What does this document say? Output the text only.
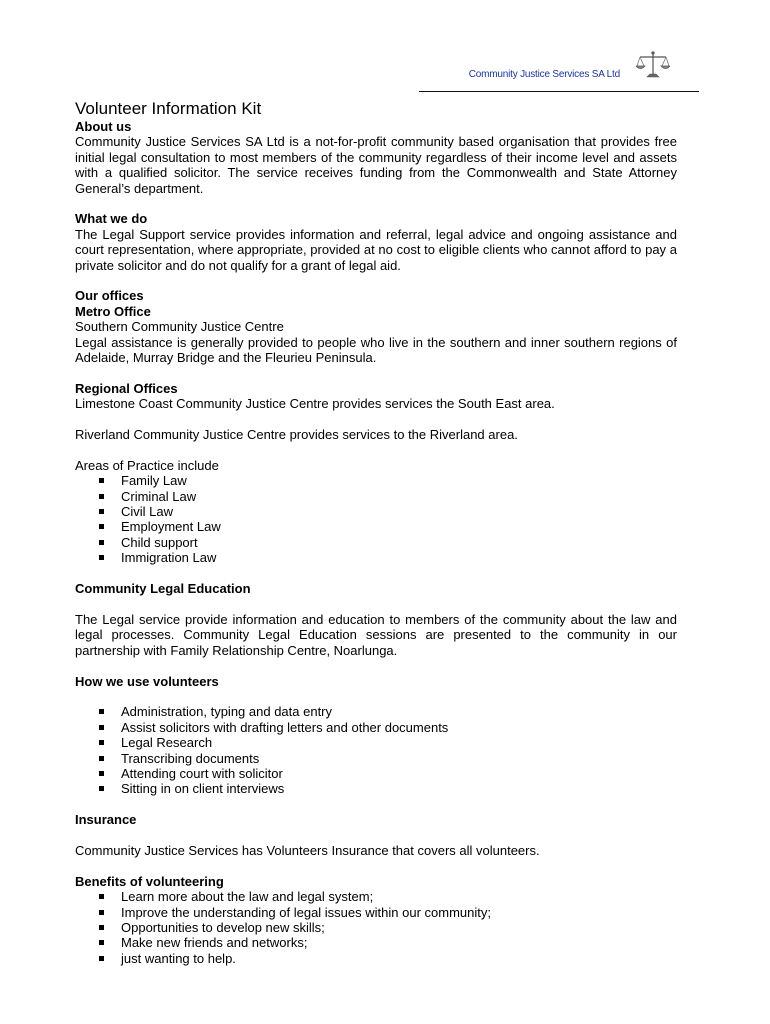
Community Justice Services SA Ltd
Volunteer Information Kit
About us

Community Justice Services SA Ltd is a not-for-profit community based organisation that provides free initial legal consultation to most members of the community regardless of their income level and assets with a qualified solicitor. The service receives funding from the Commonwealth and State Attorney General’s department.

What we do

The Legal Support service provides information and referral, legal advice and ongoing assistance and court representation, where appropriate, provided at no cost to eligible clients who cannot afford to pay a private solicitor and do not qualify for a grant of legal aid.

Our offices
Metro Office
Southern Community Justice Centre

Legal assistance is generally provided to people who live in the southern and inner southern regions of Adelaide, Murray Bridge and the Fleurieu Peninsula.

Regional Offices
Limestone Coast Community Justice Centre provides services the South East area.
Riverland Community Justice Centre provides services to the Riverland area.
Areas of Practice include
Family Law
Criminal Law
Civil Law
Employment Law
Child support
Immigration Law
Community Legal Education

The Legal service provide information and education to members of the community about the law and legal processes. Community Legal Education sessions are presented to the community in our partnership with Family Relationship Centre, Noarlunga.

How we use volunteers
Administration, typing and data entry
Assist solicitors with drafting letters and other documents
Legal Research
Transcribing documents
Attending court with solicitor
Sitting in on client interviews
Insurance
Community Justice Services has Volunteers Insurance that covers all volunteers.
Benefits of volunteering
Learn more about the law and legal system;
Improve the understanding of legal issues within our community;
Opportunities to develop new skills;
Make new friends and networks;
just wanting to help.
